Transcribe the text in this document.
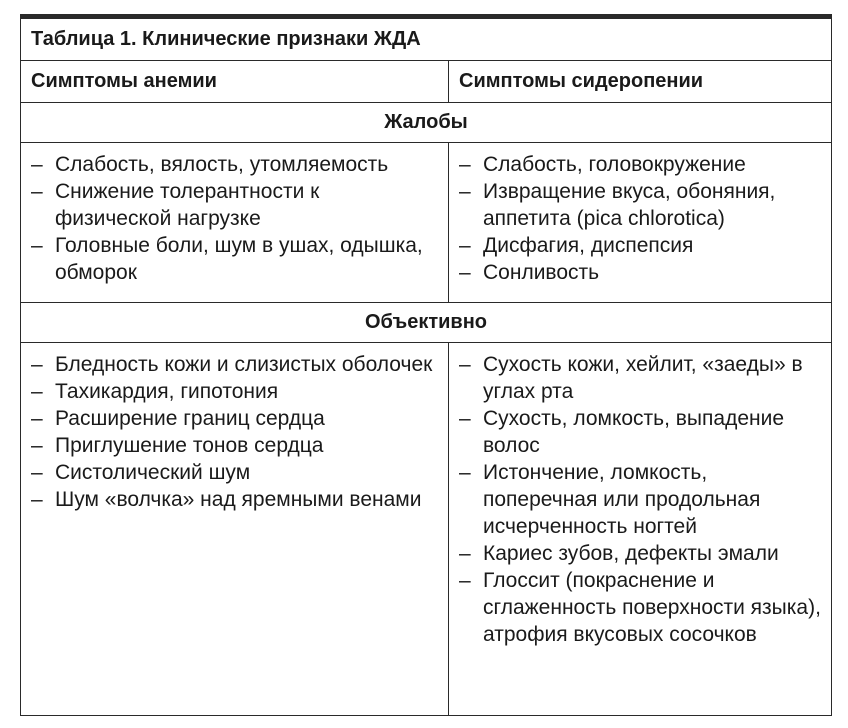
Таблица 1. Клинические признаки ЖДА
Симптомы анемии	Симптомы сидеропении
Жалобы
– Слабость, вялость, утомляемость
– Снижение толерантности к физической нагрузке
– Головные боли, шум в ушах, одышка, обморок
– Слабость, головокружение
– Извращение вкуса, обоняния, аппетита (pica chlorotica)
– Дисфагия, диспепсия
– Сонливость
Объективно
– Бледность кожи и слизистых оболочек
– Тахикардия, гипотония
– Расширение границ сердца
– Приглушение тонов сердца
– Систолический шум
– Шум «волчка» над яремными венами
– Сухость кожи, хейлит, «заеды» в углах рта
– Сухость, ломкость, выпадение волос
– Истончение, ломкость, поперечная или продольная исчерченность ногтей
– Кариес зубов, дефекты эмали
– Глоссит (покраснение и сглаженность поверхности языка), атрофия вкусовых сосочков
